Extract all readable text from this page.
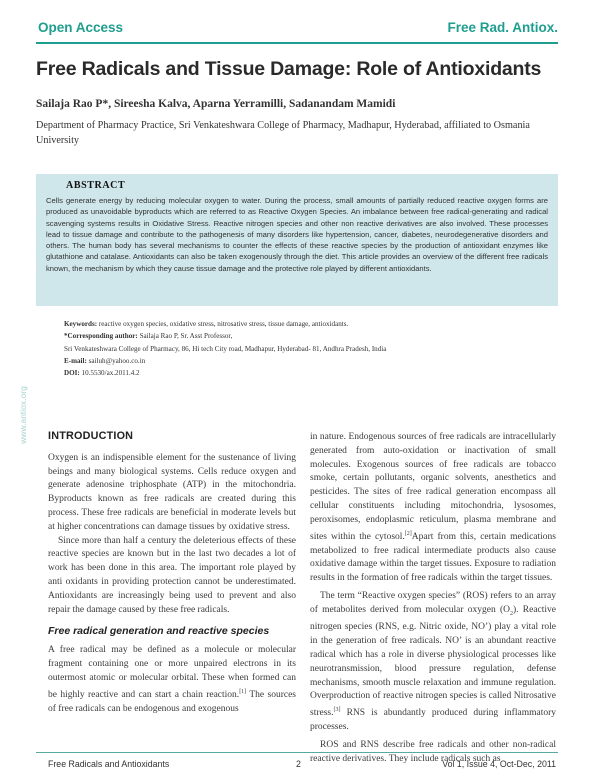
Open Access	Free Rad. Antiox.
Free Radicals and Tissue Damage: Role of Antioxidants
Sailaja Rao P*, Sireesha Kalva, Aparna Yerramilli, Sadanandam Mamidi
Department of Pharmacy Practice, Sri Venkateshwara College of Pharmacy, Madhapur, Hyderabad, affiliated to Osmania University
ABSTRACT
Cells generate energy by reducing molecular oxygen to water. During the process, small amounts of partially reduced reactive oxygen forms are produced as unavoidable byproducts which are referred to as Reactive Oxygen Species. An imbalance between free radical-generating and radical scavenging systems results in Oxidative Stress. Reactive nitrogen species and other non reactive derivatives are also involved. These processes lead to tissue damage and contribute to the pathogenesis of many disorders like hypertension, cancer, diabetes, neurodegenerative disorders and others. The human body has several mechanisms to counter the effects of these reactive species by the production of antioxidant enzymes like glutathione and catalase. Antioxidants can also be taken exogenously through the diet. This article provides an overview of the different free radicals known, the mechanism by which they cause tissue damage and the protective role played by different antioxidants.
Keywords: reactive oxygen species, oxidative stress, nitrosative stress, tissue damage, antioxidants.
*Corresponding author: Sailaja Rao P, Sr. Asst Professor,
Sri Venkateshwara College of Pharmacy, 86, Hi tech City road, Madhapur, Hyderabad- 81, Andhra Pradesh, India
E-mail: sailuh@yahoo.co.in
DOI: 10.5530/ax.2011.4.2
www.antiox.org INTRODUCTION

Oxygen is an indispensible element for the sustenance of living beings and many biological systems. Cells reduce oxygen and generate adenosine triphosphate (ATP) in the mitochondria. Byproducts known as free radicals are created during this process. These free radicals are beneficial in moderate levels but at higher concentrations can damage tissues by oxidative stress.

Since more than half a century the deleterious effects of these reactive species are known but in the last two decades a lot of work has been done in this area. The important role played by anti oxidants in providing protection cannot be underestimated. Antioxidants are increasingly being used to prevent and also repair the damage caused by these free radicals.

Free radical generation and reactive species

A free radical may be defined as a molecule or molecular fragment containing one or more unpaired electrons in its outermost atomic or molecular orbital. These when formed can be highly reactive and can start a chain reaction.[1] The sources of free radicals can be endogenous and exogenous

in nature. Endogenous sources of free radicals are intracellularly generated from auto-oxidation or inactivation of small molecules. Exogenous sources of free radicals are tobacco smoke, certain pollutants, organic solvents, anesthetics and pesticides. The sites of free radical generation encompass all cellular constituents including mitochondria, lysosomes, peroxisomes, endoplasmic reticulum, plasma membrane and sites within the cytosol.[2]Apart from this, certain medications metabolized to free radical intermediate products also cause oxidative damage within the target tissues. Exposure to radiation results in the formation of free radicals within the target tissues.

The term “Reactive oxygen species” (ROS) refers to an array of metabolites derived from molecular oxygen $(O_2)$. Reactive nitrogen species (RNS, e.g. Nitric oxide, NO’) play a vital role in the generation of free radicals. NO’ is an abundant reactive radical which has a role in diverse physiological processes like neurotransmission, blood pressure regulation, defense mechanisms, smooth muscle relaxation and immune regulation. Overproduction of reactive nitrogen species is called Nitrosative stress.[3] RNS is abundantly produced during inflammatory processes.

ROS and RNS describe free radicals and other non-radical reactive derivatives. They include radicals such as

Free Radicals and Antioxidants	2	Vol 1, Issue 4, Oct-Dec, 2011
